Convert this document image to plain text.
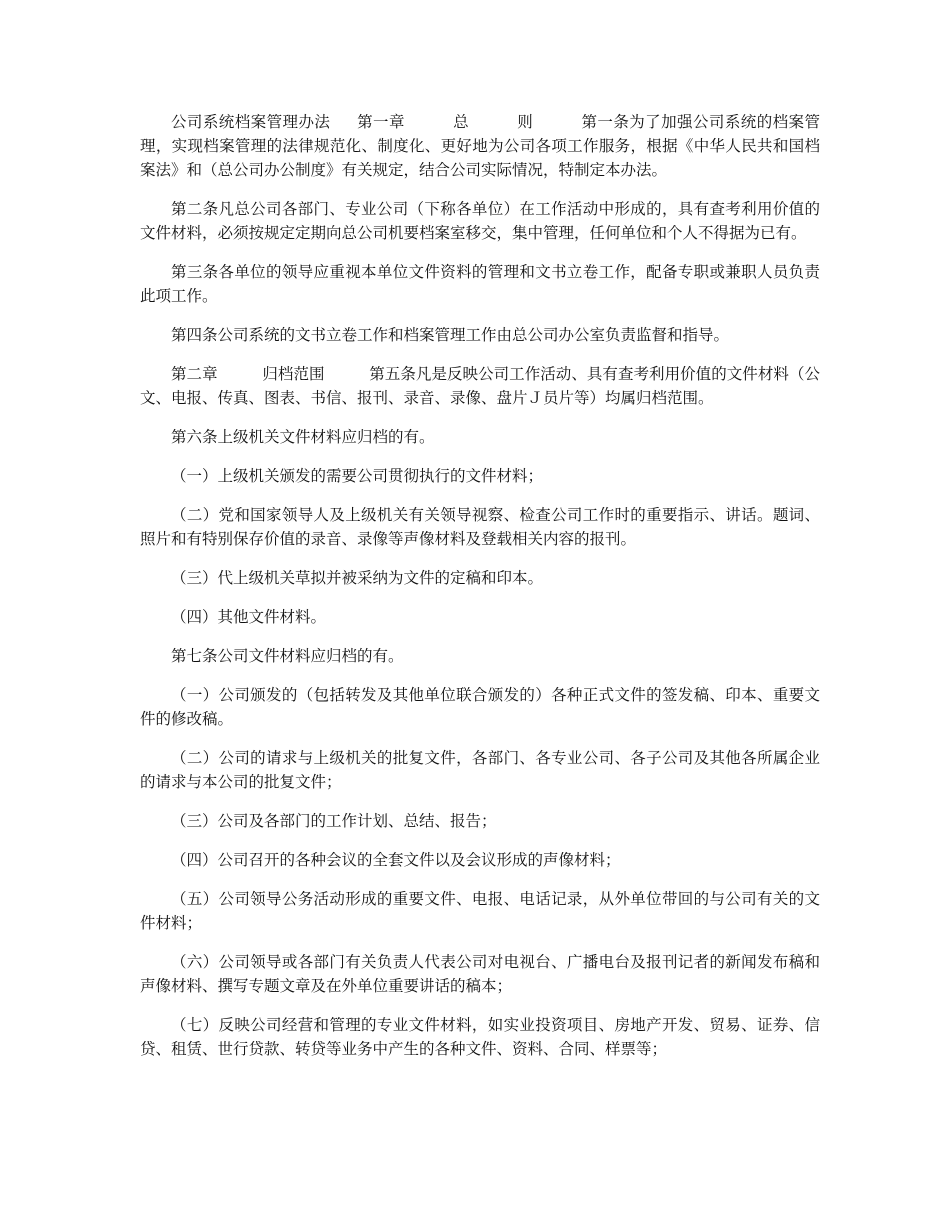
公司系统档案管理办法     第一章         总         则         第一条为了加强公司系统的档案管理，实现档案管理的法律规范化、制度化、更好地为公司各项工作服务，根据《中华人民共和国档案法》和（总公司办公制度》有关规定，结合公司实际情况，特制定本办法。

第二条凡总公司各部门、专业公司（下称各单位）在工作活动中形成的，具有查考利用价值的文件材料，必须按规定定期向总公司机要档案室移交，集中管理，任何单位和个人不得据为已有。

第三条各单位的领导应重视本单位文件资料的管理和文书立卷工作，配备专职或兼职人员负责此项工作。

第四条公司系统的文书立卷工作和档案管理工作由总公司办公室负责监督和指导。

第二章         归档范围         第五条凡是反映公司工作活动、具有查考利用价值的文件材料（公文、电报、传真、图表、书信、报刊、录音、录像、盘片Ｊ员片等）均属归档范围。

第六条上级机关文件材料应归档的有。

（一）上级机关颁发的需要公司贯彻执行的文件材料；

（二）党和国家领导人及上级机关有关领导视察、检查公司工作时的重要指示、讲话。题词、照片和有特别保存价值的录音、录像等声像材料及登载相关内容的报刊。

（三）代上级机关草拟并被采纳为文件的定稿和印本。

（四）其他文件材料。

第七条公司文件材料应归档的有。

（一）公司颁发的（包括转发及其他单位联合颁发的）各种正式文件的签发稿、印本、重要文件的修改稿。

（二）公司的请求与上级机关的批复文件，各部门、各专业公司、各子公司及其他各所属企业的请求与本公司的批复文件；

（三）公司及各部门的工作计划、总结、报告；

（四）公司召开的各种会议的全套文件以及会议形成的声像材料；

（五）公司领导公务活动形成的重要文件、电报、电话记录，从外单位带回的与公司有关的文件材料；

（六）公司领导或各部门有关负责人代表公司对电视台、广播电台及报刊记者的新闻发布稿和声像材料、撰写专题文章及在外单位重要讲话的稿本；

（七）反映公司经营和管理的专业文件材料，如实业投资项目、房地产开发、贸易、证券、信贷、租赁、世行贷款、转贷等业务中产生的各种文件、资料、合同、样票等；
